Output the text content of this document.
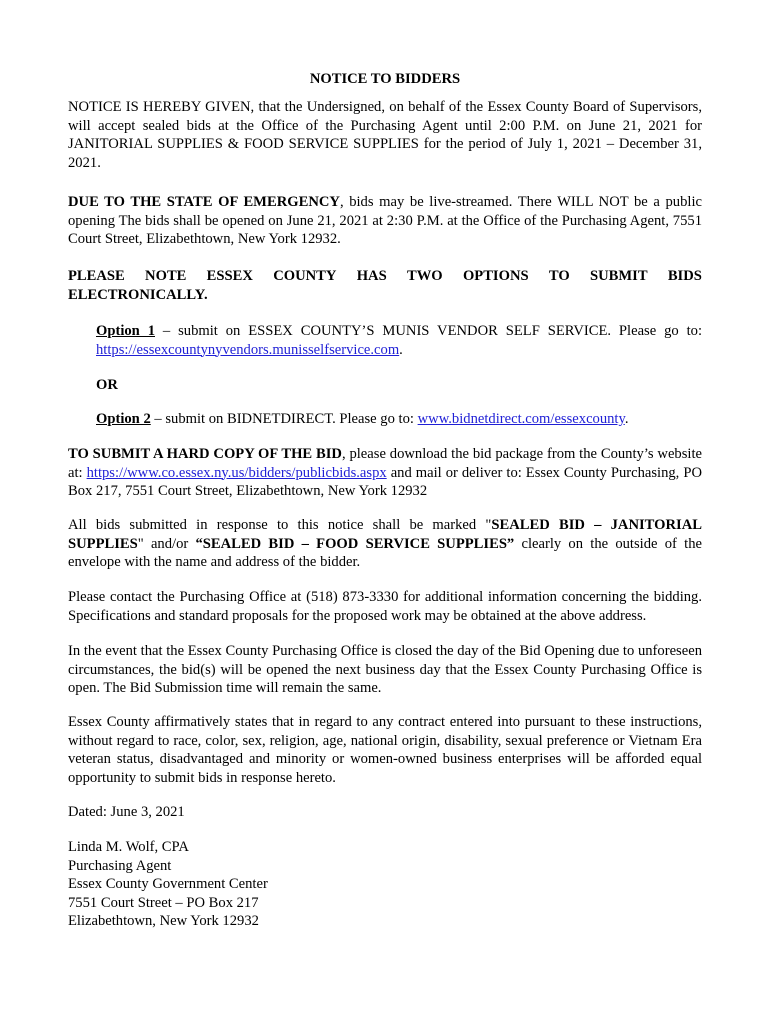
NOTICE TO BIDDERS

NOTICE IS HEREBY GIVEN, that the Undersigned, on behalf of the Essex County Board of Supervisors, will accept sealed bids at the Office of the Purchasing Agent until 2:00 P.M. on June 21, 2021 for JANITORIAL SUPPLIES & FOOD SERVICE SUPPLIES for the period of July 1, 2021 – December 31, 2021.

DUE TO THE STATE OF EMERGENCY, bids may be live-streamed. There WILL NOT be a public opening The bids shall be opened on June 21, 2021 at 2:30 P.M. at the Office of the Purchasing Agent, 7551 Court Street, Elizabethtown, New York 12932.

PLEASE NOTE ESSEX COUNTY HAS TWO OPTIONS TO SUBMIT BIDS
ELECTRONICALLY.

Option 1 – submit on ESSEX COUNTY’S MUNIS VENDOR SELF SERVICE. Please go to: https://essexcountynyvendors.munisselfservice.com.

OR

Option 2 – submit on BIDNETDIRECT. Please go to: www.bidnetdirect.com/essexcounty.

TO SUBMIT A HARD COPY OF THE BID, please download the bid package from the County’s website at: https://www.co.essex.ny.us/bidders/publicbids.aspx and mail or deliver to: Essex County Purchasing, PO Box 217, 7551 Court Street, Elizabethtown, New York 12932

All bids submitted in response to this notice shall be marked "SEALED BID – JANITORIAL SUPPLIES" and/or “SEALED BID – FOOD SERVICE SUPPLIES” clearly on the outside of the envelope with the name and address of the bidder.

Please contact the Purchasing Office at (518) 873-3330 for additional information concerning the bidding. Specifications and standard proposals for the proposed work may be obtained at the above address.

In the event that the Essex County Purchasing Office is closed the day of the Bid Opening due to unforeseen circumstances, the bid(s) will be opened the next business day that the Essex County Purchasing Office is open. The Bid Submission time will remain the same.

Essex County affirmatively states that in regard to any contract entered into pursuant to these instructions, without regard to race, color, sex, religion, age, national origin, disability, sexual preference or Vietnam Era veteran status, disadvantaged and minority or women-owned business enterprises will be afforded equal opportunity to submit bids in response hereto.

Dated: June 3, 2021

Linda M. Wolf, CPA
Purchasing Agent
Essex County Government Center
7551 Court Street – PO Box 217
Elizabethtown, New York 12932
